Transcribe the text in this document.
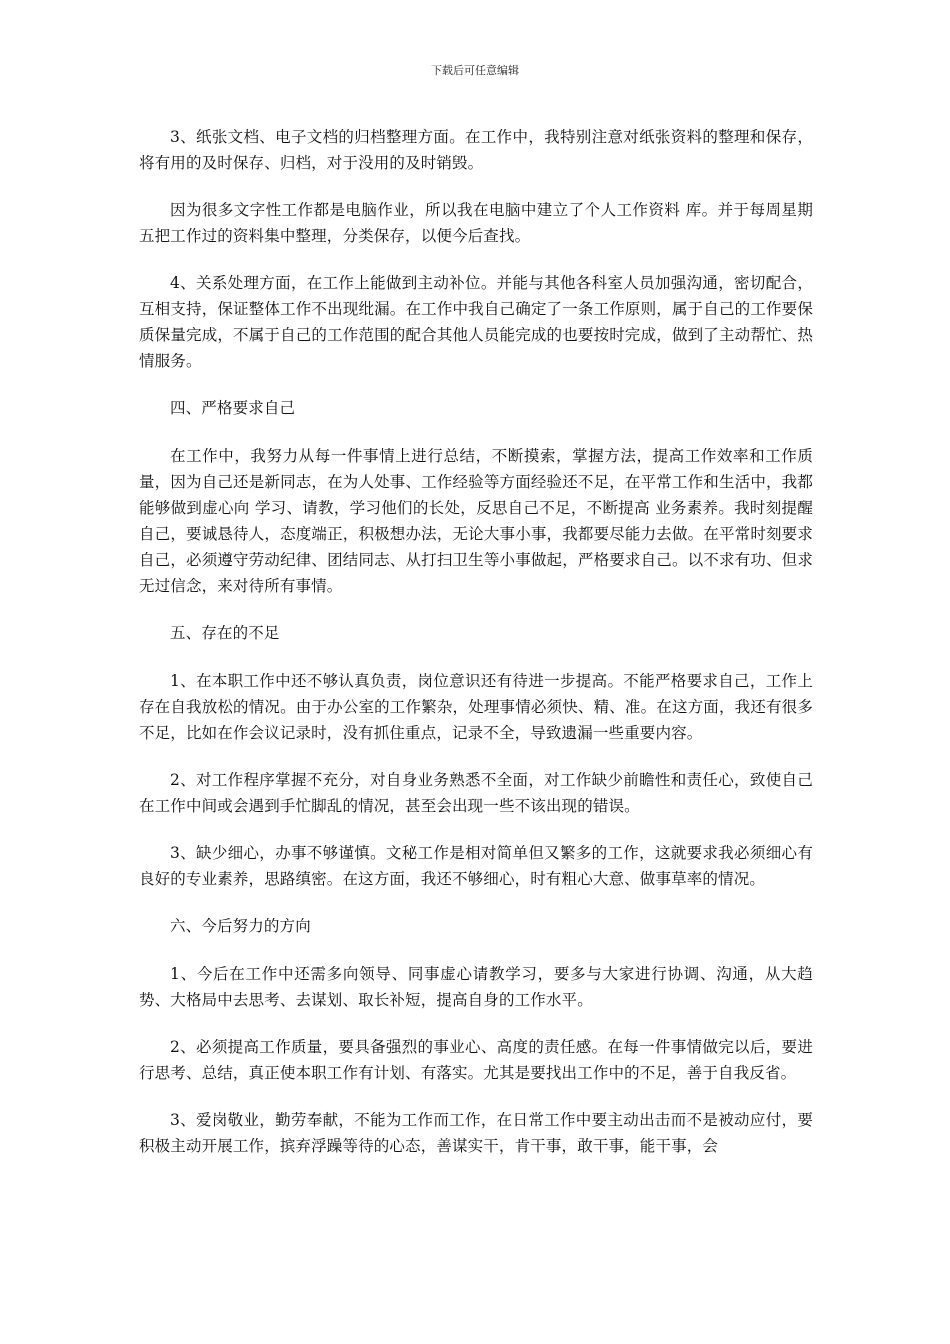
下载后可任意编辑

3、纸张文档、电子文档的归档整理方面。在工作中，我特别注意对纸张资料的整理和保存，将有用的及时保存、归档，对于没用的及时销毁。

因为很多文字性工作都是电脑作业，所以我在电脑中建立了个人工作资料 库。并于每周星期五把工作过的资料集中整理，分类保存，以便今后查找。

4、关系处理方面，在工作上能做到主动补位。并能与其他各科室人员加强沟通，密切配合，互相支持，保证整体工作不出现纰漏。在工作中我自己确定了一条工作原则，属于自己的工作要保质保量完成，不属于自己的工作范围的配合其他人员能完成的也要按时完成，做到了主动帮忙、热情服务。

四、严格要求自己

在工作中，我努力从每一件事情上进行总结，不断摸索，掌握方法，提高工作效率和工作质量，因为自己还是新同志，在为人处事、工作经验等方面经验还不足，在平常工作和生活中，我都能够做到虚心向 学习、请教，学习他们的长处，反思自己不足，不断提高 业务素养。我时刻提醒自己，要诚恳待人，态度端正，积极想办法，无论大事小事，我都要尽能力去做。在平常时刻要求自己，必须遵守劳动纪律、团结同志、从打扫卫生等小事做起，严格要求自己。以不求有功、但求无过信念，来对待所有事情。

五、存在的不足

1、在本职工作中还不够认真负责，岗位意识还有待进一步提高。不能严格要求自己，工作上存在自我放松的情况。由于办公室的工作繁杂，处理事情必须快、精、准。在这方面，我还有很多不足，比如在作会议记录时，没有抓住重点，记录不全，导致遗漏一些重要内容。

2、对工作程序掌握不充分，对自身业务熟悉不全面，对工作缺少前瞻性和责任心，致使自己在工作中间或会遇到手忙脚乱的情况，甚至会出现一些不该出现的错误。

3、缺少细心，办事不够谨慎。文秘工作是相对简单但又繁多的工作，这就要求我必须细心有良好的专业素养，思路缜密。在这方面，我还不够细心，时有粗心大意、做事草率的情况。

六、今后努力的方向

1、今后在工作中还需多向领导、同事虚心请教学习，要多与大家进行协调、沟通，从大趋势、大格局中去思考、去谋划、取长补短，提高自身的工作水平。

2、必须提高工作质量，要具备强烈的事业心、高度的责任感。在每一件事情做完以后，要进行思考、总结，真正使本职工作有计划、有落实。尤其是要找出工作中的不足，善于自我反省。

3、爱岗敬业，勤劳奉献，不能为工作而工作，在日常工作中要主动出击而不是被动应付，要积极主动开展工作，摈弃浮躁等待的心态，善谋实干，肯干事，敢干事，能干事，会
